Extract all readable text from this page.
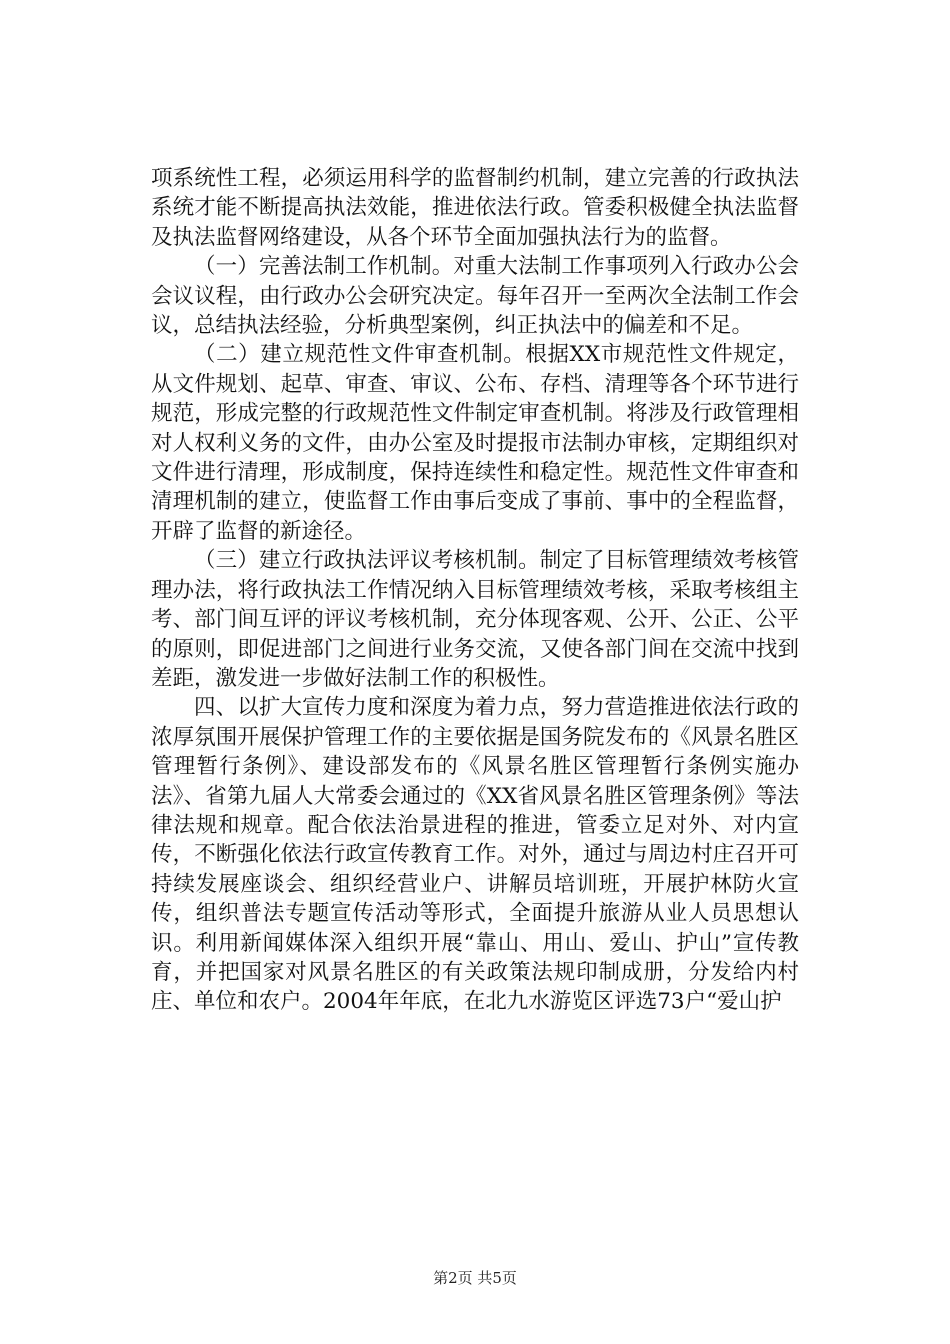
项系统性工程，必须运用科学的监督制约机制，建立完善的行政执法系统才能不断提高执法效能，推进依法行政。管委积极健全执法监督及执法监督网络建设，从各个环节全面加强执法行为的监督。

（一）完善法制工作机制。对重大法制工作事项列入行政办公会会议议程，由行政办公会研究决定。每年召开一至两次全法制工作会议，总结执法经验，分析典型案例，纠正执法中的偏差和不足。

（二）建立规范性文件审查机制。根据XX市规范性文件规定，从文件规划、起草、审查、审议、公布、存档、清理等各个环节进行规范，形成完整的行政规范性文件制定审查机制。将涉及行政管理相对人权利义务的文件，由办公室及时提报市法制办审核，定期组织对文件进行清理，形成制度，保持连续性和稳定性。规范性文件审查和清理机制的建立，使监督工作由事后变成了事前、事中的全程监督，开辟了监督的新途径。

（三）建立行政执法评议考核机制。制定了目标管理绩效考核管理办法，将行政执法工作情况纳入目标管理绩效考核，采取考核组主考、部门间互评的评议考核机制，充分体现客观、公开、公正、公平的原则，即促进部门之间进行业务交流，又使各部门间在交流中找到差距，激发进一步做好法制工作的积极性。

四、以扩大宣传力度和深度为着力点，努力营造推进依法行政的浓厚氛围开展保护管理工作的主要依据是国务院发布的《风景名胜区管理暂行条例》、建设部发布的《风景名胜区管理暂行条例实施办法》、省第九届人大常委会通过的《XX省风景名胜区管理条例》等法律法规和规章。配合依法治景进程的推进，管委立足对外、对内宣传，不断强化依法行政宣传教育工作。对外，通过与周边村庄召开可持续发展座谈会、组织经营业户、讲解员培训班，开展护林防火宣传，组织普法专题宣传活动等形式，全面提升旅游从业人员思想认识。利用新闻媒体深入组织开展“靠山、用山、爱山、护山”宣传教育，并把国家对风景名胜区的有关政策法规印制成册，分发给内村庄、单位和农户。2004年年底，在北九水游览区评选73户“爱山护

第2页 共5页
